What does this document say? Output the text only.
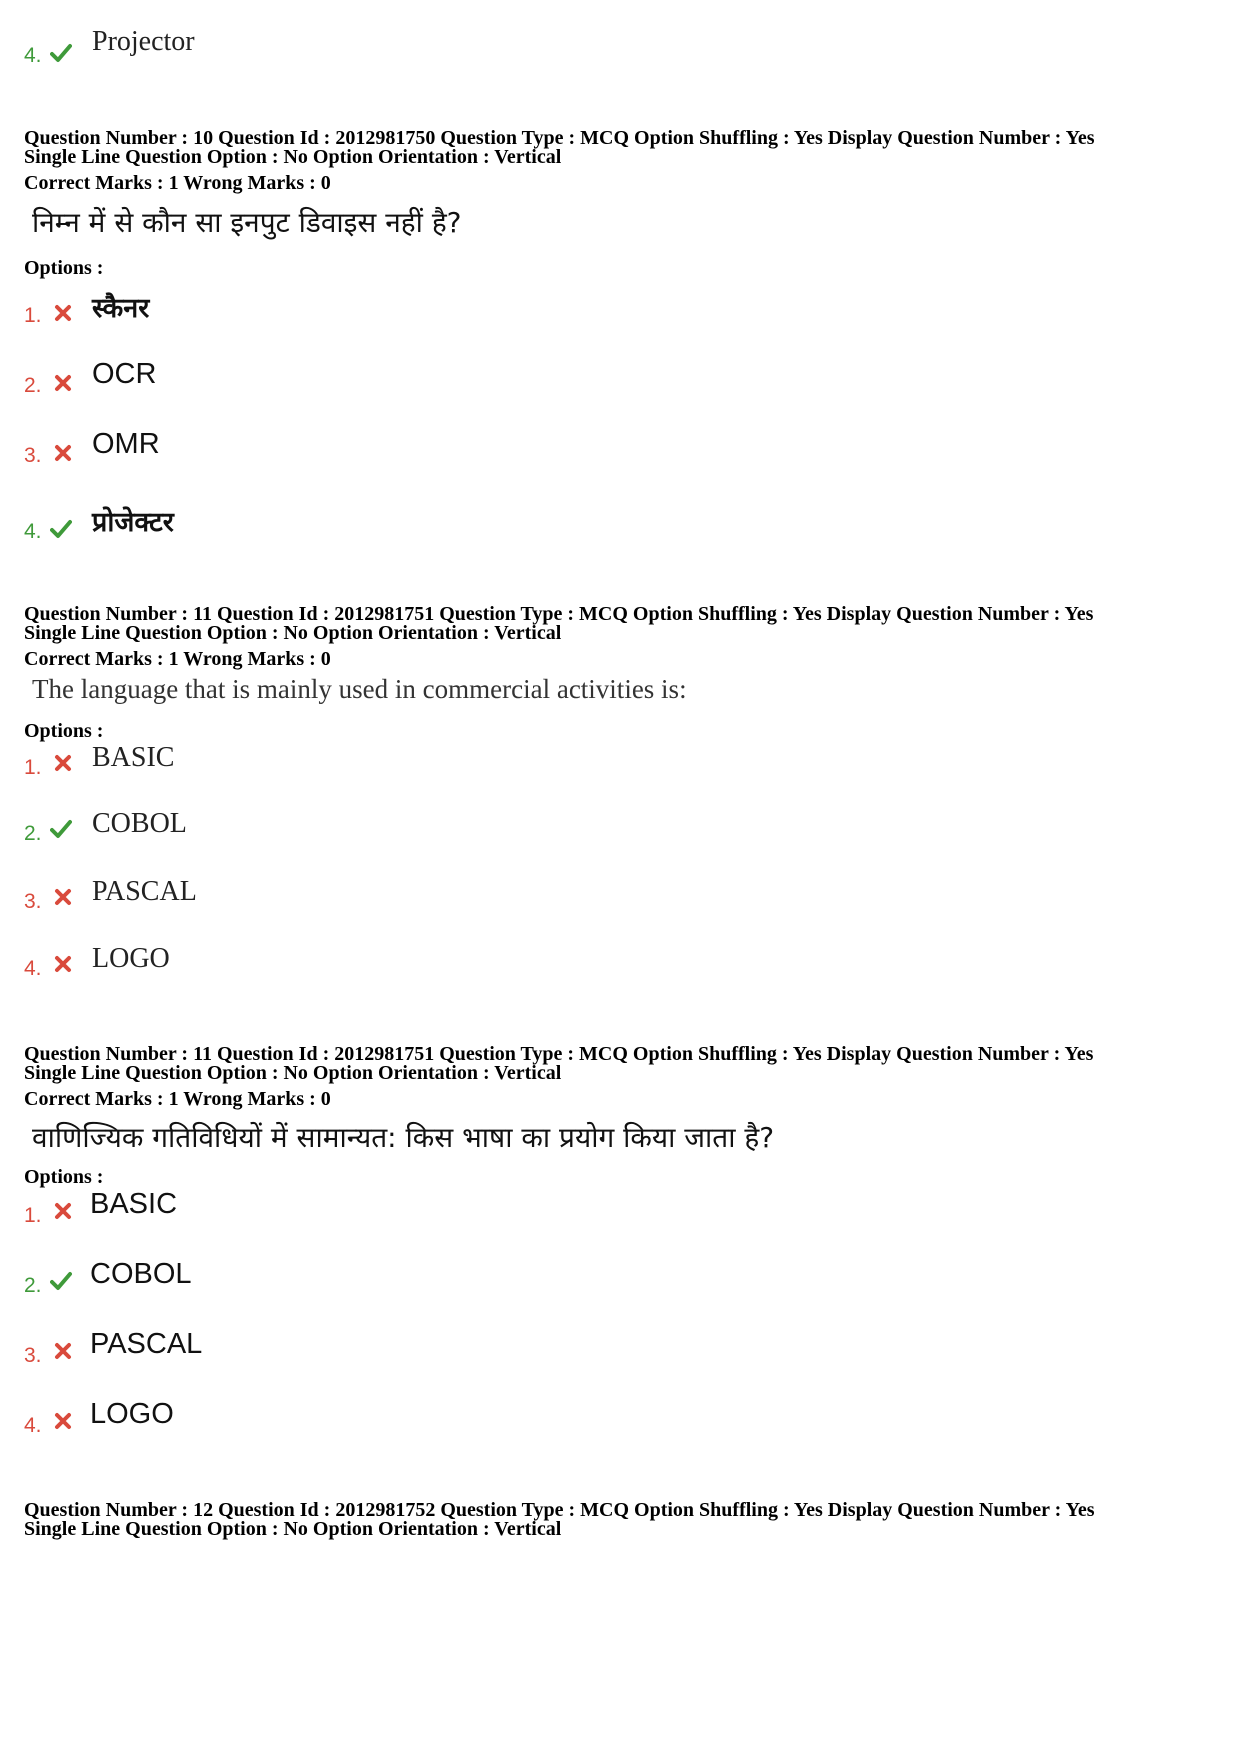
4. Projector
Question Number : 10 Question Id : 2012981750 Question Type : MCQ Option Shuffling : Yes Display Question Number : Yes
Single Line Question Option : No Option Orientation : Vertical
Correct Marks : 1 Wrong Marks : 0
निम्न में से कौन सा इनपुट डिवाइस नहीं है?
Options :
1. स्कैनर
2. OCR
3. OMR
4. प्रोजेक्टर
Question Number : 11 Question Id : 2012981751 Question Type : MCQ Option Shuffling : Yes Display Question Number : Yes
Single Line Question Option : No Option Orientation : Vertical
Correct Marks : 1 Wrong Marks : 0
The language that is mainly used in commercial activities is:
Options :
1. BASIC
2. COBOL
3. PASCAL
4. LOGO
Question Number : 11 Question Id : 2012981751 Question Type : MCQ Option Shuffling : Yes Display Question Number : Yes
Single Line Question Option : No Option Orientation : Vertical
Correct Marks : 1 Wrong Marks : 0
वाणिज्यिक गतिविधियों में सामान्यत: किस भाषा का प्रयोग किया जाता है?
Options :
1. BASIC
2. COBOL
3. PASCAL
4. LOGO
Question Number : 12 Question Id : 2012981752 Question Type : MCQ Option Shuffling : Yes Display Question Number : Yes
Single Line Question Option : No Option Orientation : Vertical
